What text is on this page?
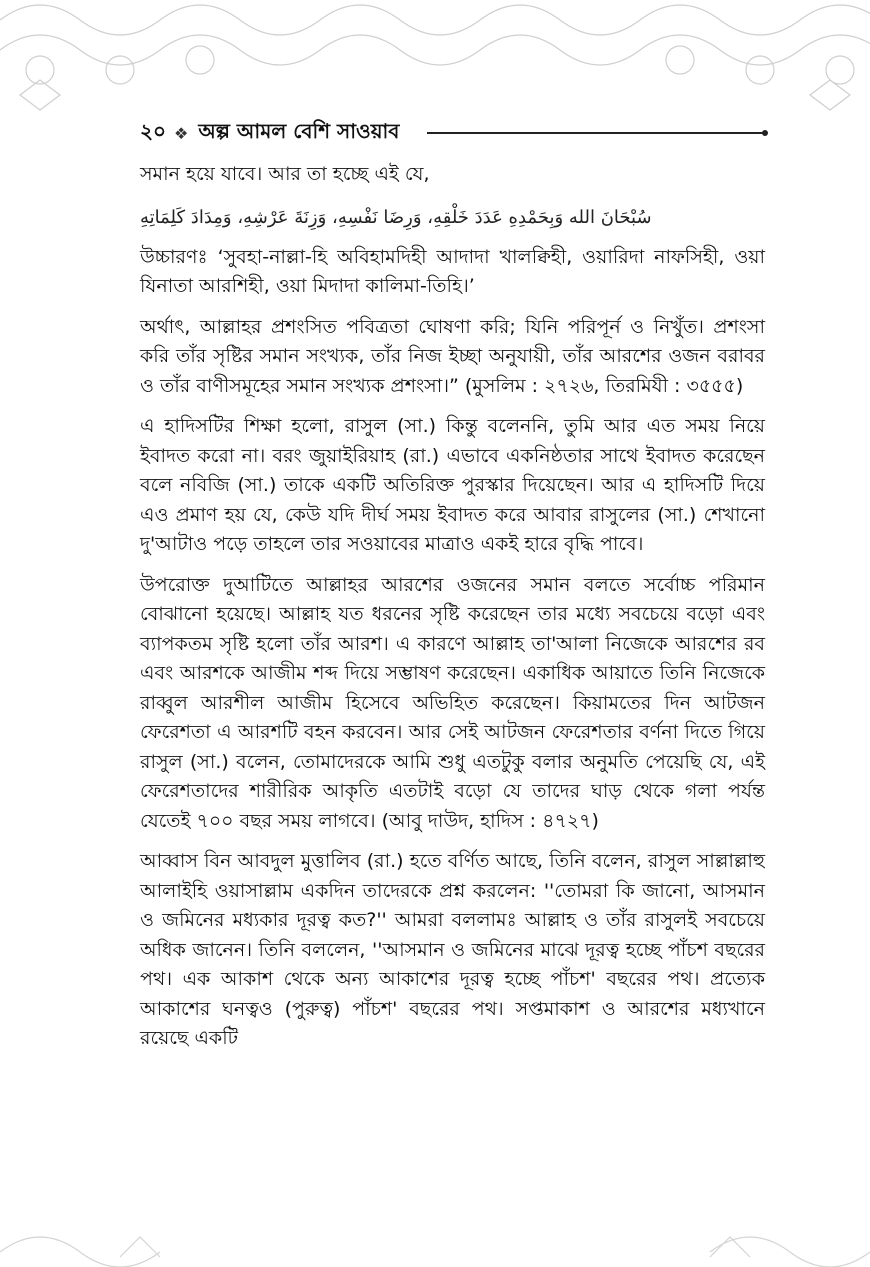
২০ ❖ অল্প আমল বেশি সাওয়াব

সমান হয়ে যাবে। আর তা হচ্ছে এই যে,

سُبْحَانَ الله وَبِحَمْدِهِ عَدَدَ خَلْقِهِ، وَرِضَا نَفْسِهِ، وَزِنَةَ عَرْشِهِ، وَمِدَادَ كَلِمَاتِهِ

উচ্চারণঃ ‘সুবহা-নাল্লা-হি অবিহামদিহী আদাদা খালক্বিহী, ওয়ারিদা নাফসিহী, ওয়া যিনাতা আরশিহী, ওয়া মিদাদা কালিমা-তিহি।’

অর্থাৎ, আল্লাহর প্রশংসিত পবিত্রতা ঘোষণা করি; যিনি পরিপূর্ন ও নিখুঁত। প্রশংসা করি তাঁর সৃষ্টির সমান সংখ্যক, তাঁর নিজ ইচ্ছা অনুযায়ী, তাঁর আরশের ওজন বরাবর ও তাঁর বাণীসমূহের সমান সংখ্যক প্রশংসা।” (মুসলিম : ২৭২৬, তিরমিযী : ৩৫৫৫)

এ হাদিসটির শিক্ষা হলো, রাসুল (সা.) কিন্তু বলেননি, তুমি আর এত সময় নিয়ে ইবাদত করো না। বরং জুয়াইরিয়াহ (রা.) এভাবে একনিষ্ঠতার সাথে ইবাদত করেছেন বলে নবিজি (সা.) তাকে একটি অতিরিক্ত পুরস্কার দিয়েছেন। আর এ হাদিসটি দিয়ে এও প্রমাণ হয় যে, কেউ যদি দীর্ঘ সময় ইবাদত করে আবার রাসুলের (সা.) শেখানো দু'আটাও পড়ে তাহলে তার সওয়াবের মাত্রাও একই হারে বৃদ্ধি পাবে।

উপরোক্ত দুআটিতে আল্লাহর আরশের ওজনের সমান বলতে সর্বোচ্চ পরিমান বোঝানো হয়েছে। আল্লাহ যত ধরনের সৃষ্টি করেছেন তার মধ্যে সবচেয়ে বড়ো এবং ব্যাপকতম সৃষ্টি হলো তাঁর আরশ। এ কারণে আল্লাহ তা'আলা নিজেকে আরশের রব এবং আরশকে আজীম শব্দ দিয়ে সম্ভাষণ করেছেন। একাধিক আয়াতে তিনি নিজেকে রাব্বুল আরশীল আজীম হিসেবে অভিহিত করেছেন। কিয়ামতের দিন আটজন ফেরেশতা এ আরশটি বহন করবেন। আর সেই আটজন ফেরেশতার বর্ণনা দিতে গিয়ে রাসুল (সা.) বলেন, তোমাদেরকে আমি শুধু এতটুকু বলার অনুমতি পেয়েছি যে, এই ফেরেশতাদের শারীরিক আকৃতি এতটাই বড়ো যে তাদের ঘাড় থেকে গলা পর্যন্ত যেতেই ৭০০ বছর সময় লাগবে। (আবু দাউদ, হাদিস : ৪৭২৭)

আব্বাস বিন আবদুল মুত্তালিব (রা.) হতে বর্ণিত আছে, তিনি বলেন, রাসুল সাল্লাল্লাহু আলাইহি ওয়াসাল্লাম একদিন তাদেরকে প্রশ্ন করলেন: ''তোমরা কি জানো, আসমান ও জমিনের মধ্যকার দূরত্ব কত?'' আমরা বললামঃ আল্লাহ ও তাঁর রাসুলই সবচেয়ে অধিক জানেন। তিনি বললেন, ''আসমান ও জমিনের মাঝে দূরত্ব হচ্ছে পাঁচশ বছরের পথ। এক আকাশ থেকে অন্য আকাশের দূরত্ব হচ্ছে পাঁচশ' বছরের পথ। প্রত্যেক আকাশের ঘনত্বও (পুরুত্ব) পাঁচশ' বছরের পথ। সপ্তমাকাশ ও আরশের মধ্যখানে রয়েছে একটি
